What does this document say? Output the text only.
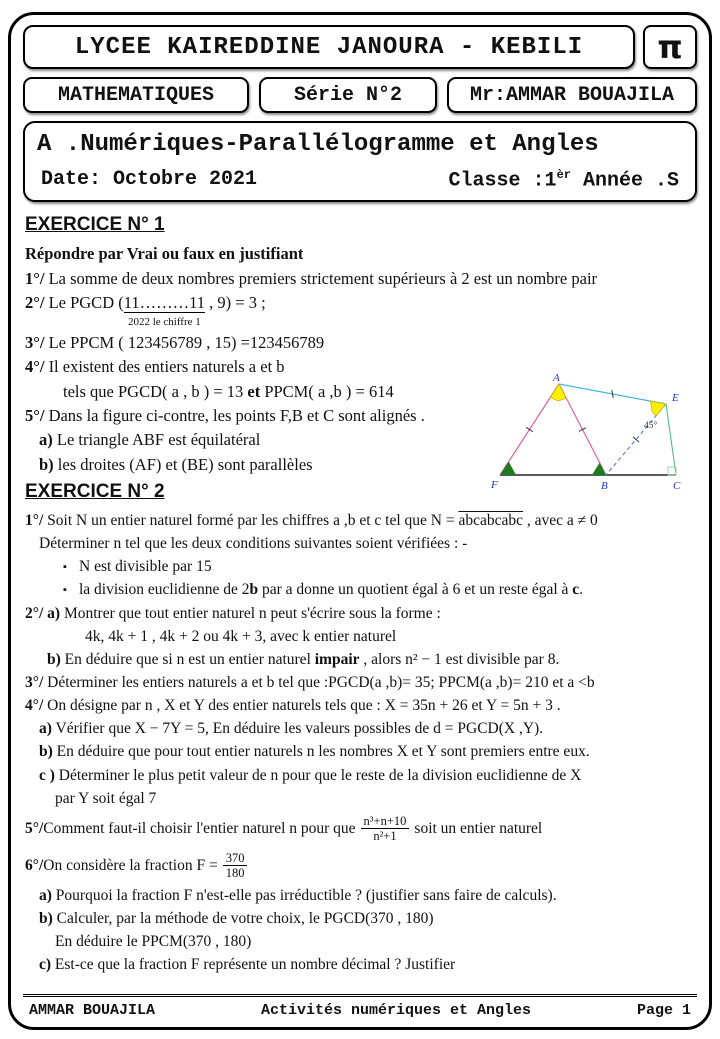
LYCEE KAIREDDINE JANOURA - KEBILI π
MATHEMATIQUES	Série N°2	Mr:AMMAR BOUAJILA
A .Numériques-Parallélogramme et Angles
Date: Octobre 2021	Classe $:1^{èr}$ Année .S
EXERCICE N° 1

Répondre par Vrai ou faux en justifiant

1°/ La somme de deux nombres premiers strictement supérieurs à 2 est un nombre pair

2°/ Le PGCD (11………11
2022 le chiffre 1
, 9) = 3 ;

3°/ Le PPCM ( 123456789 , 15) =123456789

4°/ Il existent des entiers naturels a et b

tels que PGCD( a , b ) = 13 et PPCM( a ,b ) = 614

5°/ Dans la figure ci-contre, les points F,B et C sont alignés .

a) Le triangle ABF est équilatéral

b) les droites (AF) et (BE) sont parallèles

A
E
F	B	C
45°
EXERCICE N° 2

1°/ Soit N un entier naturel formé par les chiffres a ,b et c tel que N = abcabcabc , avec a ≠ 0

Déterminer n tel que les deux conditions suivantes soient vérifiées : -

▪ N est divisible par 15

▪ la division euclidienne de 2b par a donne un quotient égal à 6 et un reste égal à c.

2°/ a) Montrer que tout entier naturel n peut s'écrire sous la forme :

4k, 4k + 1 , 4k + 2 ou 4k + 3, avec k entier naturel

b) En déduire que si n est un entier naturel impair , alors n² − 1 est divisible par 8.

3°/ Déterminer les entiers naturels a et b tel que :PGCD(a ,b)= 35; PPCM(a ,b)= 210 et a <b

4°/ On désigne par n , X et Y des entier naturels tels que : X = 35n + 26 et Y = 5n + 3 .

a) Vérifier que X − 7Y = 5, En déduire les valeurs possibles de d = PGCD(X ,Y).

b) En déduire que pour tout entier naturels n les nombres X et Y sont premiers entre eux.

c ) Déterminer le plus petit valeur de n pour que le reste de la division euclidienne de X

par Y soit égal 7

5°/ Comment faut-il choisir l'entier naturel n pour que $\frac{\text{n³+n+10}}{\text{n²+1}}$ soit un entier naturel

6°/ On considère la fraction $F = \frac{370}{180}$

a) Pourquoi la fraction F n'est-elle pas irréductible ? (justifier sans faire de calculs).

b) Calculer, par la méthode de votre choix, le PGCD(370 , 180)

En déduire le PPCM(370 , 180)

c) Est-ce que la fraction F représente un nombre décimal ? Justifier

AMMAR BOUAJILA	Activités numériques et Angles	Page 1
